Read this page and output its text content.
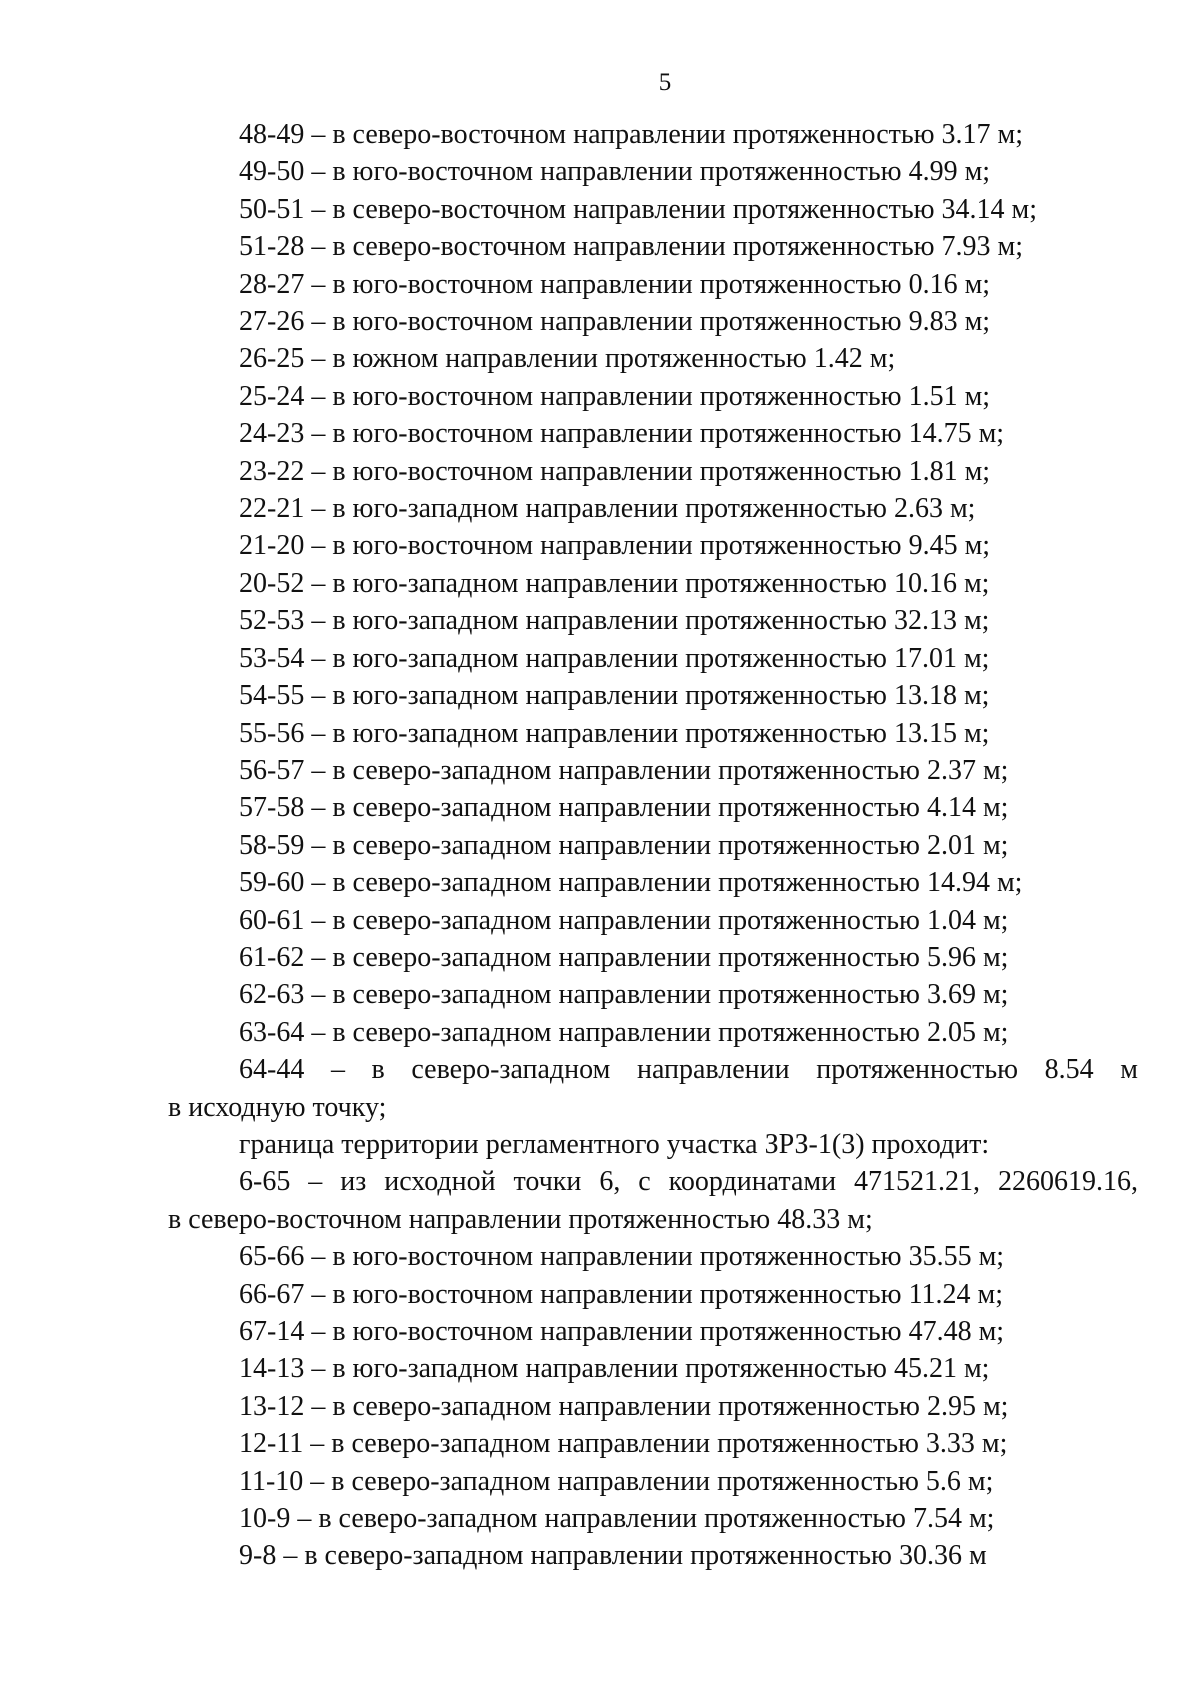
5
48-49 – в северо-восточном направлении протяженностью 3.17 м;
49-50 – в юго-восточном направлении протяженностью 4.99 м;
50-51 – в северо-восточном направлении протяженностью 34.14 м;
51-28 – в северо-восточном направлении протяженностью 7.93 м;
28-27 – в юго-восточном направлении протяженностью 0.16 м;
27-26 – в юго-восточном направлении протяженностью 9.83 м;
26-25 – в южном направлении протяженностью 1.42 м;
25-24 – в юго-восточном направлении протяженностью 1.51 м;
24-23 – в юго-восточном направлении протяженностью 14.75 м;
23-22 – в юго-восточном направлении протяженностью 1.81 м;
22-21 – в юго-западном направлении протяженностью 2.63 м;
21-20 – в юго-восточном направлении протяженностью 9.45 м;
20-52 – в юго-западном направлении протяженностью 10.16 м;
52-53 – в юго-западном направлении протяженностью 32.13 м;
53-54 – в юго-западном направлении протяженностью 17.01 м;
54-55 – в юго-западном направлении протяженностью 13.18 м;
55-56 – в юго-западном направлении протяженностью 13.15 м;
56-57 – в северо-западном направлении протяженностью 2.37 м;
57-58 – в северо-западном направлении протяженностью 4.14 м;
58-59 – в северо-западном направлении протяженностью 2.01 м;
59-60 – в северо-западном направлении протяженностью 14.94 м;
60-61 – в северо-западном направлении протяженностью 1.04 м;
61-62 – в северо-западном направлении протяженностью 5.96 м;
62-63 – в северо-западном направлении протяженностью 3.69 м;
63-64 – в северо-западном направлении протяженностью 2.05 м;
64-44 – в северо-западном направлении протяженностью 8.54 м
в исходную точку;
граница территории регламентного участка ЗРЗ-1(3) проходит:
6-65 – из исходной точки 6, с координатами 471521.21, 2260619.16,
в северо-восточном направлении протяженностью 48.33 м;
65-66 – в юго-восточном направлении протяженностью 35.55 м;
66-67 – в юго-восточном направлении протяженностью 11.24 м;
67-14 – в юго-восточном направлении протяженностью 47.48 м;
14-13 – в юго-западном направлении протяженностью 45.21 м;
13-12 – в северо-западном направлении протяженностью 2.95 м;
12-11 – в северо-западном направлении протяженностью 3.33 м;
11-10 – в северо-западном направлении протяженностью 5.6 м;
10-9 – в северо-западном направлении протяженностью 7.54 м;
9-8 – в северо-западном направлении протяженностью 30.36 м
